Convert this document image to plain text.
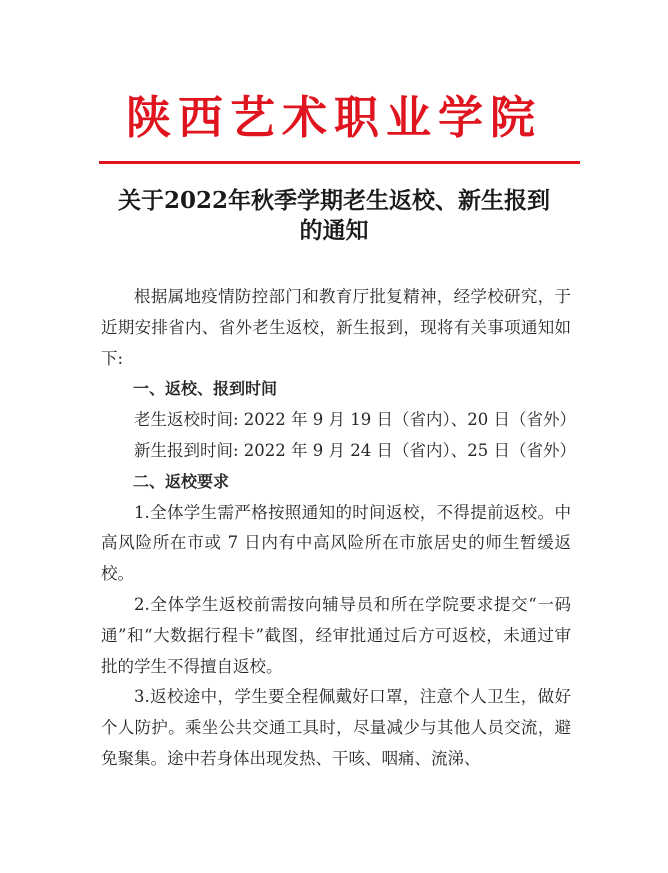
陕西艺术职业学院
关于2022年秋季学期老生返校、新生报到
的通知

根据属地疫情防控部门和教育厅批复精神，经学校研究，于近期安排省内、省外老生返校，新生报到，现将有关事项通知如下:

一、返校、报到时间

老生返校时间: 2022 年 9 月 19 日（省内）、20 日（省外）

新生报到时间: 2022 年 9 月 24 日（省内）、25 日（省外）

二、返校要求

1.全体学生需严格按照通知的时间返校，不得提前返校。中高风险所在市或 7 日内有中高风险所在市旅居史的师生暂缓返校。

2.全体学生返校前需按向辅导员和所在学院要求提交“一码通”和“大数据行程卡”截图，经审批通过后方可返校，未通过审批的学生不得擅自返校。

3.返校途中，学生要全程佩戴好口罩，注意个人卫生，做好个人防护。乘坐公共交通工具时，尽量减少与其他人员交流，避免聚集。途中若身体出现发热、干咳、咽痛、流涕、
